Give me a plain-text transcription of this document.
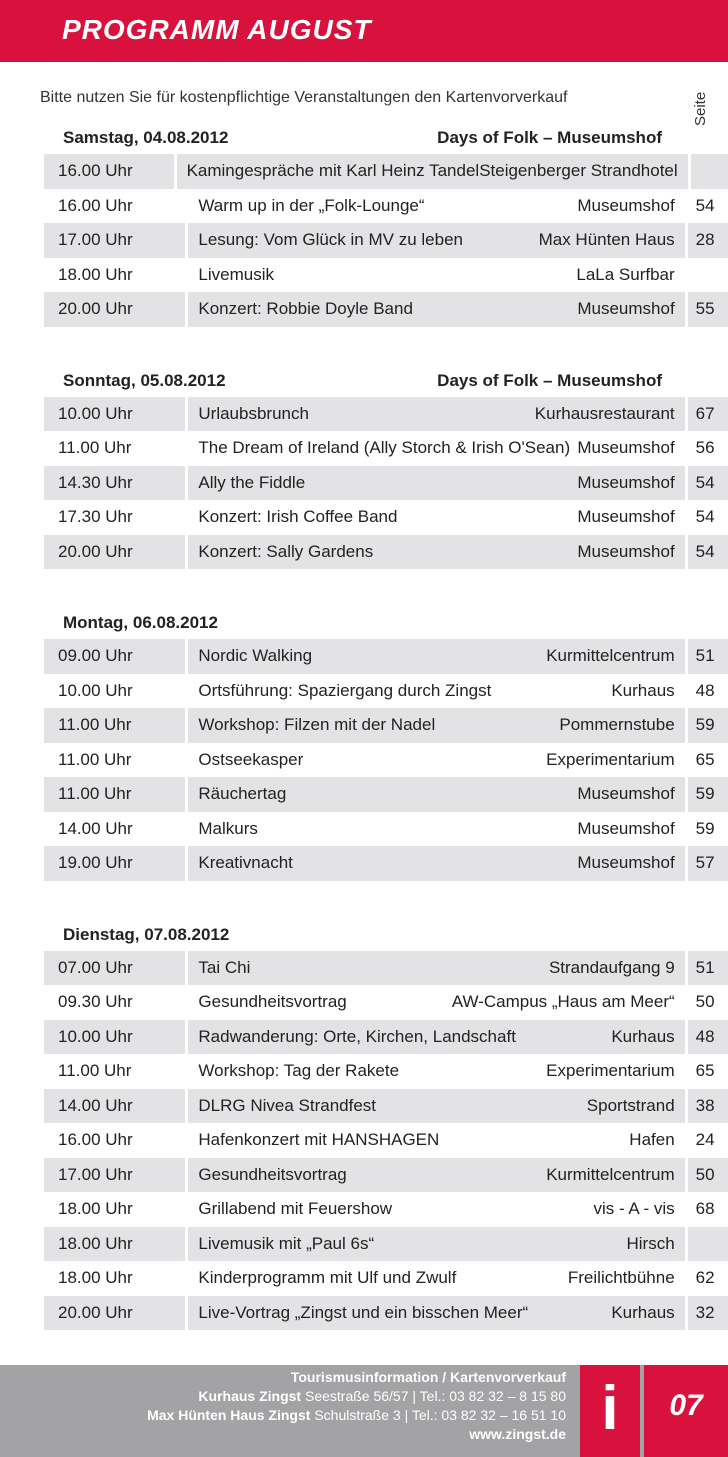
PROGRAMM AUGUST
Bitte nutzen Sie für kostenpflichtige Veranstaltungen den Kartenvorverkauf	Seite
Samstag, 04.08.2012	Days of Folk – Museumshof
16.00 Uhr	Kamingespräche mit Karl Heinz Tandel Steigenberger Strandhotel
16.00 Uhr	Warm up in der „Folk-Lounge“	Museumshof	54
17.00 Uhr	Lesung: Vom Glück in MV zu leben	Max Hünten Haus	28
18.00 Uhr	Livemusik	LaLa Surfbar
20.00 Uhr	Konzert: Robbie Doyle Band	Museumshof	55
Sonntag, 05.08.2012	Days of Folk – Museumshof
10.00 Uhr	Urlaubsbrunch	Kurhausrestaurant	67
11.00 Uhr	The Dream of Ireland (Ally Storch & Irish O'Sean) Museumshof	56
14.30 Uhr	Ally the Fiddle	Museumshof	54
17.30 Uhr	Konzert: Irish Coffee Band	Museumshof	54
20.00 Uhr	Konzert: Sally Gardens	Museumshof	54
Montag, 06.08.2012
09.00 Uhr	Nordic Walking	Kurmittelcentrum	51
10.00 Uhr	Ortsführung: Spaziergang durch Zingst	Kurhaus	48
11.00 Uhr	Workshop: Filzen mit der Nadel	Pommernstube	59
11.00 Uhr	Ostseekasper	Experimentarium	65
11.00 Uhr	Räuchertag	Museumshof	59
14.00 Uhr	Malkurs	Museumshof	59
19.00 Uhr	Kreativnacht	Museumshof	57
Dienstag, 07.08.2012
07.00 Uhr	Tai Chi	Strandaufgang 9	51
09.30 Uhr	Gesundheitsvortrag	AW-Campus „Haus am Meer“	50
10.00 Uhr	Radwanderung: Orte, Kirchen, Landschaft	Kurhaus	48
11.00 Uhr	Workshop: Tag der Rakete	Experimentarium	65
14.00 Uhr	DLRG Nivea Strandfest	Sportstrand	38
16.00 Uhr	Hafenkonzert mit HANSHAGEN	Hafen	24
17.00 Uhr	Gesundheitsvortrag	Kurmittelcentrum	50
18.00 Uhr	Grillabend mit Feuershow	vis - A - vis	68
18.00 Uhr	Livemusik mit „Paul 6s“	Hirsch
18.00 Uhr	Kinderprogramm mit Ulf und Zwulf	Freilichtbühne	62
20.00 Uhr	Live-Vortrag „Zingst und ein bisschen Meer“	Kurhaus	32
Tourismusinformation / Kartenvorverkauf
Kurhaus Zingst Seestraße 56/57 | Tel.: 03 82 32 – 8 15 80
Max Hünten Haus Zingst Schulstraße 3 | Tel.: 03 82 32 – 16 51 10
www.zingst.de i	07
